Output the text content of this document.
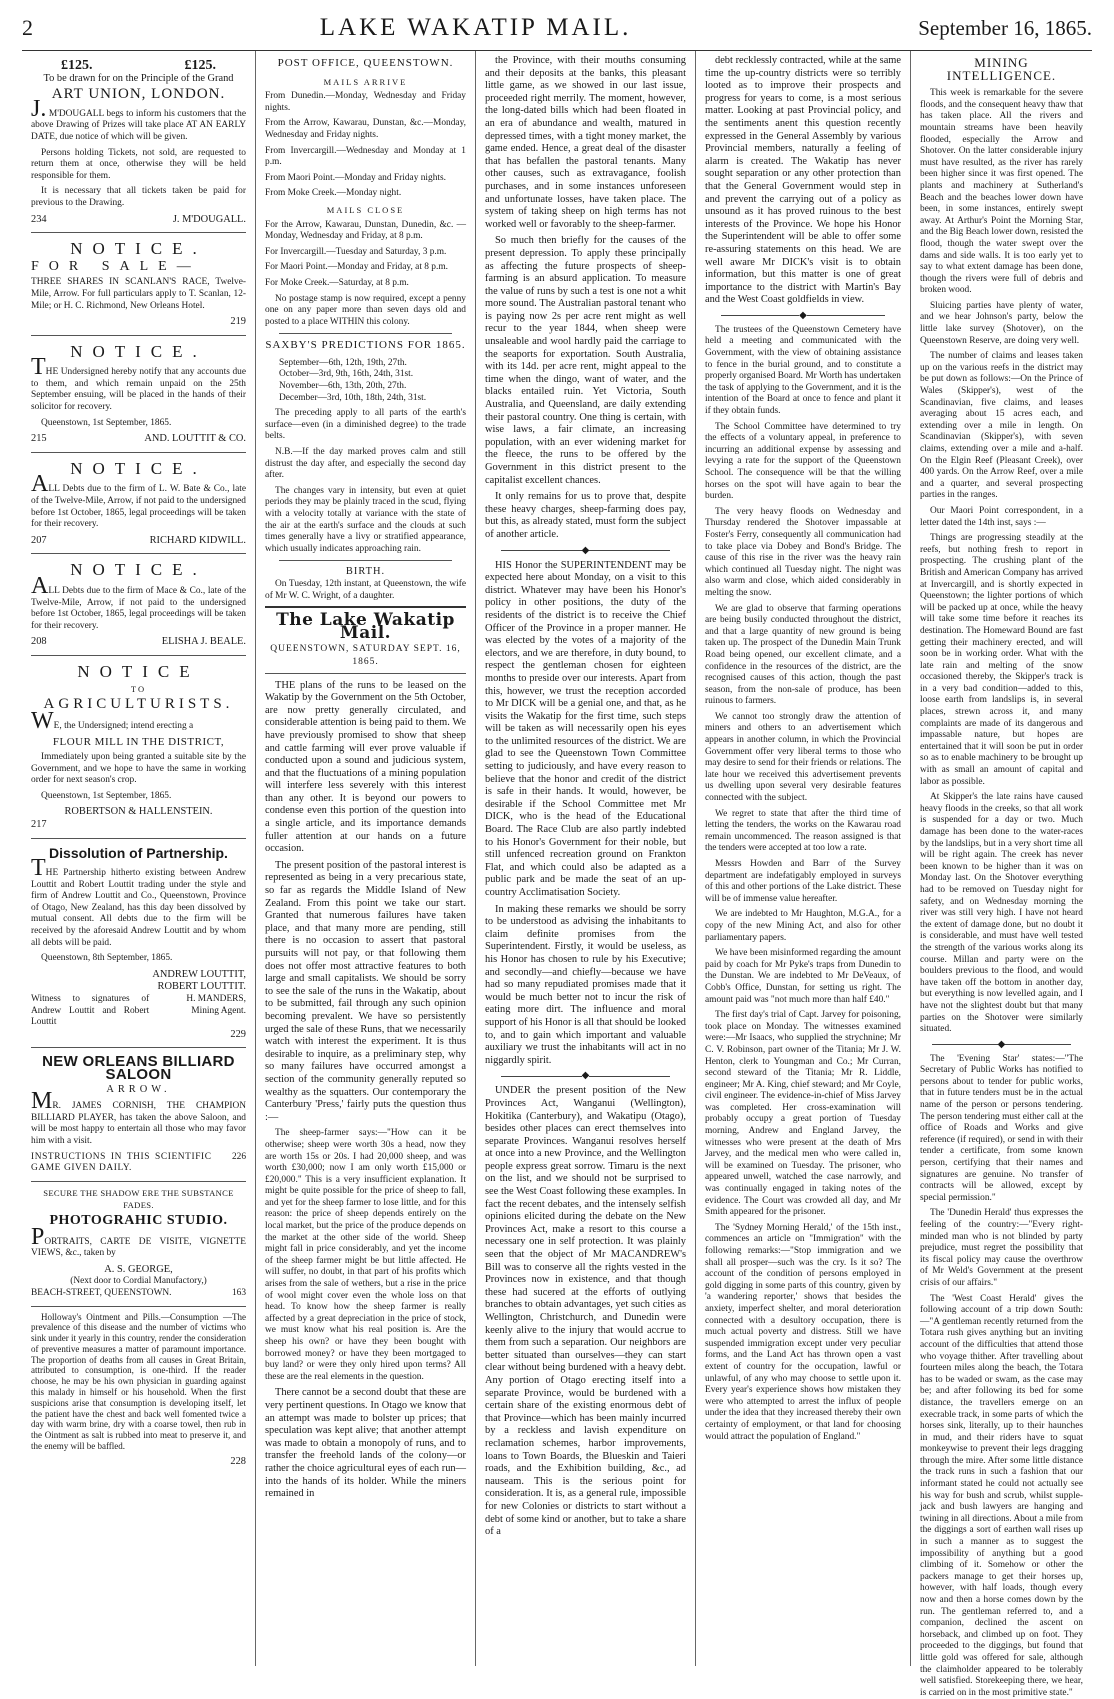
2	LAKE WAKATIP MAIL.	September 16, 1865.
£125.	£125.
To be drawn for on the Principle of the Grand
ART UNION, LONDON.

J. M'DOUGALL begs to inform his customers that the above Drawing of Prizes will take place AT AN EARLY DATE, due notice of which will be given.

Persons holding Tickets, not sold, are requested to return them at once, otherwise they will be held responsible for them.

It is necessary that all tickets taken be paid for previous to the Drawing.

234	J. M'DOUGALL.
NOTICE.
FOR SALE—

THREE SHARES IN SCANLAN'S RACE, Twelve-Mile, Arrow. For full particulars apply to T. Scanlan, 12-Mile; or H. C. Richmond, New Orleans Hotel.

219
NOTICE.

THE Undersigned hereby notify that any accounts due to them, and which remain unpaid on the 25th September ensuing, will be placed in the hands of their solicitor for recovery.

Queenstown, 1st September, 1865.

215	AND. LOUTTIT & CO.
NOTICE.

ALL Debts due to the firm of L. W. Bate & Co., late of the Twelve-Mile, Arrow, if not paid to the undersigned before 1st October, 1865, legal proceedings will be taken for their recovery.

207	RICHARD KIDWILL.
NOTICE.

ALL Debts due to the firm of Mace & Co., late of the Twelve-Mile, Arrow, if not paid to the undersigned before 1st October, 1865, legal proceedings will be taken for their recovery.

208	ELISHA J. BEALE.
NOTICE
TO
AGRICULTURISTS.

WE, the Undersigned; intend erecting a

FLOUR MILL IN THE DISTRICT,

Immediately upon being granted a suitable site by the Government, and we hope to have the same in working order for next season's crop.

Queenstown, 1st September, 1865.

ROBERTSON & HALLENSTEIN.
217
Dissolution of Partnership.

THE Partnership hitherto existing between Andrew Louttit and Robert Louttit trading under the style and firm of Andrew Louttit and Co., Queenstown, Province of Otago, New Zealand, has this day been dissolved by mutual consent. All debts due to the firm will be received by the aforesaid Andrew Louttit and by whom all debts will be paid.

Queenstown, 8th September, 1865.

ANDREW LOUTTIT,
ROBERT LOUTTIT.
Witness to signatures of Andrew Louttit and Robert Louttit
H. MANDERS, Mining Agent.
229
NEW ORLEANS BILLIARD SALOON
ARROW.

MR. JAMES CORNISH, THE CHAMPION BILLIARD PLAYER, has taken the above Saloon, and will be most happy to entertain all those who may favor him with a visit.

INSTRUCTIONS IN THIS SCIENTIFIC GAME GIVEN DAILY.
226
SECURE THE SHADOW ERE THE SUBSTANCE FADES.
PHOTOGRAHIC STUDIO.

PORTRAITS, CARTE DE VISITE, VIGNETTE VIEWS, &c., taken by

A. S. GEORGE,
(Next door to Cordial Manufactory,)
BEACH-STREET, QUEENSTOWN.	163

Holloway's Ointment and Pills.—Consumption —The prevalence of this disease and the number of victims who sink under it yearly in this country, render the consideration of preventive measures a matter of paramount importance. The proportion of deaths from all causes in Great Britain, attributed to consumption, is one-third. If the reader choose, he may be his own physician in guarding against this malady in himself or his household. When the first suspicions arise that consumption is developing itself, let the patient have the chest and back well fomented twice a day with warm brine, dry with a coarse towel, then rub in the Ointment as salt is rubbed into meat to preserve it, and the enemy will be baffled.

228
POST OFFICE, QUEENSTOWN.
MAILS ARRIVE

From Dunedin.—Monday, Wednesday and Friday nights.

From the Arrow, Kawarau, Dunstan, &c.—Monday, Wednesday and Friday nights.

From Invercargill.—Wednesday and Monday at 1 p.m.

From Maori Point.—Monday and Friday nights.

From Moke Creek.—Monday night.

MAILS CLOSE

For the Arrow, Kawarau, Dunstan, Dunedin, &c. —Monday, Wednesday and Friday, at 8 p.m.

For Invercargill.—Tuesday and Saturday, 3 p.m.

For Maori Point.—Monday and Friday, at 8 p.m.

For Moke Creek.—Saturday, at 8 p.m.

No postage stamp is now required, except a penny one on any paper more than seven days old and posted to a place WITHIN this colony.

SAXBY'S PREDICTIONS FOR 1865.

September—6th, 12th, 19th, 27th.

October—3rd, 9th, 16th, 24th, 31st.

November—6th, 13th, 20th, 27th.

December—3rd, 10th, 18th, 24th, 31st.

The preceding apply to all parts of the earth's surface—even (in a diminished degree) to the trade belts.

N.B.—If the day marked proves calm and still distrust the day after, and especially the second day after.

The changes vary in intensity, but even at quiet periods they may be plainly traced in the scud, flying with a velocity totally at variance with the state of the air at the earth's surface and the clouds at such times generally have a livy or stratified appearance, which usually indicates approaching rain.

BIRTH.

On Tuesday, 12th instant, at Queenstown, the wife of Mr W. C. Wright, of a daughter.

The Lake Wakatip Mail.
QUEENSTOWN, SATURDAY SEPT. 16, 1865.

THE plans of the runs to be leased on the Wakatip by the Government on the 5th October, are now pretty generally circulated, and considerable attention is being paid to them. We have previously promised to show that sheep and cattle farming will ever prove valuable if conducted upon a sound and judicious system, and that the fluctuations of a mining population will interfere less severely with this interest than any other. It is beyond our powers to condense even this portion of the question into a single article, and its importance demands fuller attention at our hands on a future occasion.

The present position of the pastoral interest is represented as being in a very precarious state, so far as regards the Middle Island of New Zealand. From this point we take our start. Granted that numerous failures have taken place, and that many more are pending, still there is no occasion to assert that pastoral pursuits will not pay, or that following them does not offer most attractive features to both large and small capitalists. We should be sorry to see the sale of the runs in the Wakatip, about to be submitted, fail through any such opinion becoming prevalent. We have so persistently urged the sale of these Runs, that we necessarily watch with interest the experiment. It is thus desirable to inquire, as a preliminary step, why so many failures have occurred amongst a section of the community generally reputed so wealthy as the squatters. Our contemporary the Canterbury 'Press,' fairly puts the question thus :—

The sheep-farmer says:—"How can it be otherwise; sheep were worth 30s a head, now they are worth 15s or 20s. I had 20,000 sheep, and was worth £30,000; now I am only worth £15,000 or £20,000." This is a very insufficient explanation. It might be quite possible for the price of sheep to fall, and yet for the sheep farmer to lose little, and for this reason: the price of sheep depends entirely on the local market, but the price of the produce depends on the market at the other side of the world. Sheep might fall in price considerably, and yet the income of the sheep farmer might be but little affected. He will suffer, no doubt, in that part of his profits which arises from the sale of wethers, but a rise in the price of wool might cover even the whole loss on that head. To know how the sheep farmer is really affected by a great depreciation in the price of stock, we must know what his real position is. Are the sheep his own? or have they been bought with borrowed money? or have they been mortgaged to buy land? or were they only hired upon terms? All these are the real elements in the question.

There cannot be a second doubt that these are very pertinent questions. In Otago we know that an attempt was made to bolster up prices; that speculation was kept alive; that another attempt was made to obtain a monopoly of runs, and to transfer the freehold lands of the colony—or rather the choice agricultural eyes of each run—into the hands of its holder. While the miners remained in

the Province, with their mouths consuming and their deposits at the banks, this pleasant little game, as we showed in our last issue, proceeded right merrily. The moment, however, the long-dated bills which had been floated in an era of abundance and wealth, matured in depressed times, with a tight money market, the game ended. Hence, a great deal of the disaster that has befallen the pastoral tenants. Many other causes, such as extravagance, foolish purchases, and in some instances unforeseen and unfortunate losses, have taken place. The system of taking sheep on high terms has not worked well or favorably to the sheep-farmer.

So much then briefly for the causes of the present depression. To apply these principally as affecting the future prospects of sheep-farming is an absurd application. To measure the value of runs by such a test is one not a whit more sound. The Australian pastoral tenant who is paying now 2s per acre rent might as well recur to the year 1844, when sheep were unsaleable and wool hardly paid the carriage to the seaports for exportation. South Australia, with its 14d. per acre rent, might appeal to the time when the dingo, want of water, and the blacks entailed ruin. Yet Victoria, South Australia, and Queensland, are daily extending their pastoral country. One thing is certain, with wise laws, a fair climate, an increasing population, with an ever widening market for the fleece, the runs to be offered by the Government in this district present to the capitalist excellent chances.

It only remains for us to prove that, despite these heavy charges, sheep-farming does pay, but this, as already stated, must form the subject of another article.

◆

HIS Honor the SUPERINTENDENT may be expected here about Monday, on a visit to this district. Whatever may have been his Honor's policy in other positions, the duty of the residents of the district is to receive the Chief Officer of the Province in a proper manner. He was elected by the votes of a majority of the electors, and we are therefore, in duty bound, to respect the gentleman chosen for eighteen months to preside over our interests. Apart from this, however, we trust the reception accorded to Mr DICK will be a genial one, and that, as he visits the Wakatip for the first time, such steps will be taken as will necessarily open his eyes to the unlimited resources of the district. We are glad to see the Queenstown Town Committee setting to judiciously, and have every reason to believe that the honor and credit of the district is safe in their hands. It would, however, be desirable if the School Committee met Mr DICK, who is the head of the Educational Board. The Race Club are also partly indebted to his Honor's Government for their noble, but still unfenced recreation ground on Frankton Flat, and which could also be adapted as a public park and be made the seat of an up-country Acclimatisation Society.

In making these remarks we should be sorry to be understood as advising the inhabitants to claim definite promises from the Superintendent. Firstly, it would be useless, as his Honor has chosen to rule by his Executive; and secondly—and chiefly—because we have had so many repudiated promises made that it would be much better not to incur the risk of eating more dirt. The influence and moral support of his Honor is all that should be looked to, and to gain which important and valuable auxiliary we trust the inhabitants will act in no niggardly spirit.

◆

UNDER the present position of the New Provinces Act, Wanganui (Wellington), Hokitika (Canterbury), and Wakatipu (Otago), besides other places can erect themselves into separate Provinces. Wanganui resolves herself at once into a new Province, and the Wellington people express great sorrow. Timaru is the next on the list, and we should not be surprised to see the West Coast following these examples. In fact the recent debates, and the intensely selfish opinions elicited during the debate on the New Provinces Act, make a resort to this course a necessary one in self protection. It was plainly seen that the object of Mr MACANDREW's Bill was to conserve all the rights vested in the Provinces now in existence, and that though these had sucered at the efforts of outlying branches to obtain advantages, yet such cities as Wellington, Christchurch, and Dunedin were keenly alive to the injury that would accrue to them from such a separation. Our neighbors are better situated than ourselves—they can start clear without being burdened with a heavy debt. Any portion of Otago erecting itself into a separate Province, would be burdened with a certain share of the existing enormous debt of that Province—which has been mainly incurred by a reckless and lavish expenditure on reclamation schemes, harbor improvements, loans to Town Boards, the Blueskin and Taieri roads, and the Exhibition building, &c., ad nauseam. This is the serious point for consideration. It is, as a general rule, impossible for new Colonies or districts to start without a debt of some kind or another, but to take a share of a

debt recklessly contracted, while at the same time the up-country districts were so terribly looted as to improve their prospects and progress for years to come, is a most serious matter. Looking at past Provincial policy, and the sentiments anent this question recently expressed in the General Assembly by various Provincial members, naturally a feeling of alarm is created. The Wakatip has never sought separation or any other protection than that the General Government would step in and prevent the carrying out of a policy as unsound as it has proved ruinous to the best interests of the Province. We hope his Honor the Superintendent will be able to offer some re-assuring statements on this head. We are well aware Mr DICK's visit is to obtain information, but this matter is one of great importance to the district with Martin's Bay and the West Coast goldfields in view.

◆

The trustees of the Queenstown Cemetery have held a meeting and communicated with the Government, with the view of obtaining assistance to fence in the burial ground, and to constitute a properly organised Board. Mr Worth has undertaken the task of applying to the Government, and it is the intention of the Board at once to fence and plant it if they obtain funds.

The School Committee have determined to try the effects of a voluntary appeal, in preference to incurring an additional expense by assessing and levying a rate for the support of the Queenstown School. The consequence will be that the willing horses on the spot will have again to bear the burden.

The very heavy floods on Wednesday and Thursday rendered the Shotover impassable at Foster's Ferry, consequently all communication had to take place via Dobey and Bond's Bridge. The cause of this rise in the river was the heavy rain which continued all Tuesday night. The night was also warm and close, which aided considerably in melting the snow.

We are glad to observe that farming operations are being busily conducted throughout the district, and that a large quantity of new ground is being taken up. The prospect of the Dunedin Main Trunk Road being opened, our excellent climate, and a confidence in the resources of the district, are the recognised causes of this action, though the past season, from the non-sale of produce, has been ruinous to farmers.

We cannot too strongly draw the attention of miners and others to an advertisement which appears in another column, in which the Provincial Government offer very liberal terms to those who may desire to send for their friends or relations. The late hour we received this advertisement prevents us dwelling upon several very desirable features connected with the subject.

We regret to state that after the third time of letting the tenders, the works on the Kawarau road remain uncommenced. The reason assigned is that the tenders were accepted at too low a rate.

Messrs Howden and Barr of the Survey department are indefatigably employed in surveys of this and other portions of the Lake district. These will be of immense value hereafter.

We are indebted to Mr Haughton, M.G.A., for a copy of the new Mining Act, and also for other parliamentary papers.

We have been misinformed regarding the amount paid by coach for Mr Pyke's traps from Dunedin to the Dunstan. We are indebted to Mr DeVeaux, of Cobb's Office, Dunstan, for setting us right. The amount paid was "not much more than half £40."

The first day's trial of Capt. Jarvey for poisoning, took place on Monday. The witnesses examined were:—Mr Isaacs, who supplied the strychnine; Mr C. V. Robinson, part owner of the Titania; Mr J. W. Henton, clerk to Youngman and Co.; Mr Curran, second steward of the Titania; Mr R. Liddle, engineer; Mr A. King, chief steward; and Mr Coyle, civil engineer. The evidence-in-chief of Miss Jarvey was completed. Her cross-examination will probably occupy a great portion of Tuesday morning, Andrew and England Jarvey, the witnesses who were present at the death of Mrs Jarvey, and the medical men who were called in, will be examined on Tuesday. The prisoner, who appeared unwell, watched the case narrowly, and was continually engaged in taking notes of the evidence. The Court was crowded all day, and Mr Smith appeared for the prisoner.

The 'Sydney Morning Herald,' of the 15th inst., commences an article on "Immigration" with the following remarks:—"Stop immigration and we shall all prosper—such was the cry. Is it so? The account of the condition of persons employed in gold digging in some parts of this country, given by 'a wandering reporter,' shows that besides the anxiety, imperfect shelter, and moral deterioration connected with a desultory occupation, there is much actual poverty and distress. Still we have suspended immigration except under very peculiar forms, and the Land Act has thrown open a vast extent of country for the occupation, lawful or unlawful, of any who may choose to settle upon it. Every year's experience shows how mistaken they were who attempted to arrest the influx of people under the idea that they increased thereby their own certainty of employment, or that land for choosing would attract the population of England."

MINING INTELLIGENCE.

This week is remarkable for the severe floods, and the consequent heavy thaw that has taken place. All the rivers and mountain streams have been heavily flooded, especially the Arrow and Shotover. On the latter considerable injury must have resulted, as the river has rarely been higher since it was first opened. The plants and machinery at Sutherland's Beach and the beaches lower down have been, in some instances, entirely swept away. At Arthur's Point the Morning Star, and the Big Beach lower down, resisted the flood, though the water swept over the dams and side walls. It is too early yet to say to what extent damage has been done, though the rivers were full of debris and broken wood.

Sluicing parties have plenty of water, and we hear Johnson's party, below the little lake survey (Shotover), on the Queenstown Reserve, are doing very well.

The number of claims and leases taken up on the various reefs in the district may be put down as follows:—On the Prince of Wales (Skipper's), west of the Scandinavian, five claims, and leases averaging about 15 acres each, and extending over a mile in length. On Scandinavian (Skipper's), with seven claims, extending over a mile and a-half. On the Elgin Reef (Pleasant Creek), over 400 yards. On the Arrow Reef, over a mile and a quarter, and several prospecting parties in the ranges.

Our Maori Point correspondent, in a letter dated the 14th inst, says :—

Things are progressing steadily at the reefs, but nothing fresh to report in prospecting. The crushing plant of the British and American Company has arrived at Invercargill, and is shortly expected in Queenstown; the lighter portions of which will be packed up at once, while the heavy will take some time before it reaches its destination. The Homeward Bound are fast getting their machinery erected, and will soon be in working order. What with the late rain and melting of the snow occasioned thereby, the Skipper's track is in a very bad condition—added to this, loose earth from landslips is, in several places, strewn across it, and many complaints are made of its dangerous and impassable nature, but hopes are entertained that it will soon be put in order so as to enable machinery to be brought up with as small an amount of capital and labor as possible.

At Skipper's the late rains have caused heavy floods in the creeks, so that all work is suspended for a day or two. Much damage has been done to the water-races by the landslips, but in a very short time all will be right again. The creek has never been known to be higher than it was on Monday last. On the Shotover everything had to be removed on Tuesday night for safety, and on Wednesday morning the river was still very high. I have not heard the extent of damage done, but no doubt it is considerable, and must have well tested the strength of the various works along its course. Millan and party were on the boulders previous to the flood, and would have taken off the bottom in another day, but everything is now levelled again, and I have not the slightest doubt but that many parties on the Shotover were similarly situated.

◆

The 'Evening Star' states:—"The Secretary of Public Works has notified to persons about to tender for public works, that in future tenders must be in the actual name of the person or persons tendering. The person tendering must either call at the office of Roads and Works and give reference (if required), or send in with their tender a certificate, from some known person, certifying that their names and signatures are genuine. No transfer of contracts will be allowed, except by special permission."

The 'Dunedin Herald' thus expresses the feeling of the country:—"Every right-minded man who is not blinded by party prejudice, must regret the possibility that its fiscal policy may cause the overthrow of Mr Weld's Government at the present crisis of our affairs."

The 'West Coast Herald' gives the following account of a trip down South:—"A gentleman recently returned from the Totara rush gives anything but an inviting account of the difficulties that attend those who voyage thither. After travelling about fourteen miles along the beach, the Totara has to be waded or swam, as the case may be; and after following its bed for some distance, the travellers emerge on an execrable track, in some parts of which the horses sink, literally, up to their haunches in mud, and their riders have to squat monkeywise to prevent their legs dragging through the mire. After some little distance the track runs in such a fashion that our informant stated he could not actually see his way for bush and scrub, whilst supple-jack and bush lawyers are hanging and twining in all directions. About a mile from the diggings a sort of earthen wall rises up in such a manner as to suggest the impossibility of anything but a good climbing of it. Somehow or other the packers manage to get their horses up, however, with half loads, though every now and then a horse comes down by the run. The gentleman referred to, and a companion, declined the ascent on horseback, and climbed up on foot. They proceeded to the diggings, but found that little gold was offered for sale, although the claimholder appeared to be tolerably well satisfied. Storekeeping there, we hear, is carried on in the most primitive state."
